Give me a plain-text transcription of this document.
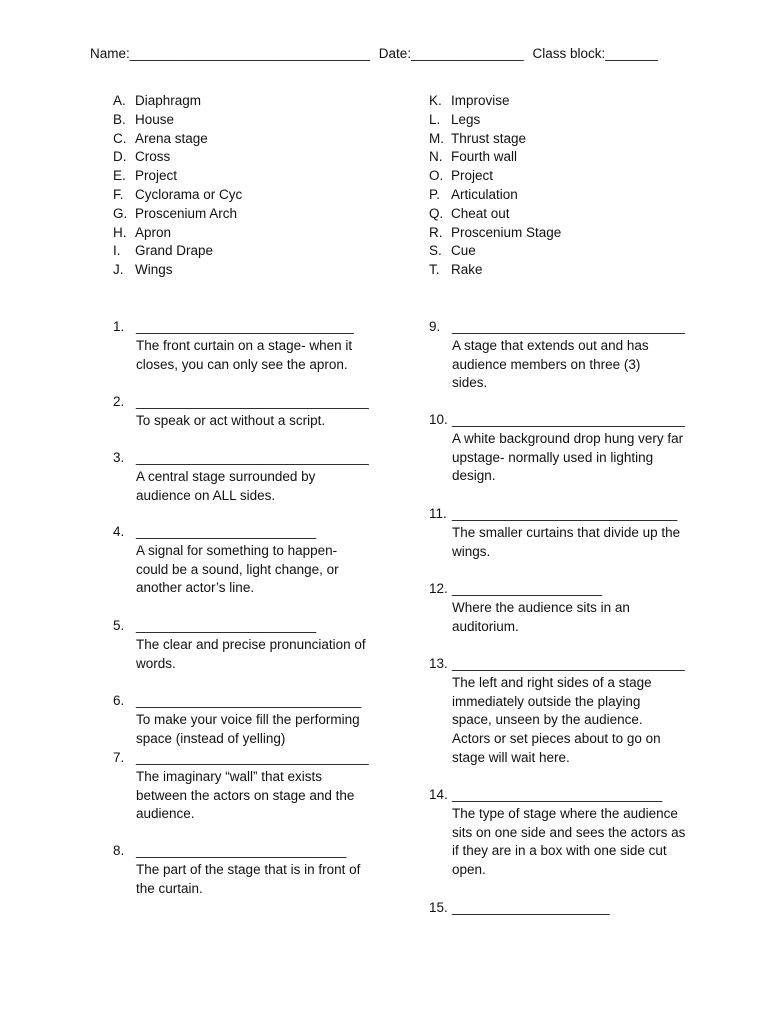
Name:________________________________ Date:_______________ Class block:_______
A. Diaphragm
B. House
C. Arena stage
D. Cross
E. Project
F. Cyclorama or Cyc
G. Proscenium Arch
H. Apron
I. Grand Drape
J. Wings
K. Improvise
L. Legs
M. Thrust stage
N. Fourth wall
O. Project
P. Articulation
Q. Cheat out
R. Proscenium Stage
S. Cue
T. Rake
1. _____________________________
The front curtain on a stage- when it closes, you can only see the apron.
2. _______________________________
To speak or act without a script.
3. _______________________________
A central stage surrounded by audience on ALL sides.
4. ________________________
A signal for something to happen- could be a sound, light change, or another actor’s line.
5. ________________________
The clear and precise pronunciation of words.
6. ______________________________
To make your voice fill the performing space (instead of yelling)
7. _______________________________
The imaginary “wall” that exists between the actors on stage and the audience.
8. ____________________________
The part of the stage that is in front of the curtain.
9. _______________________________
A stage that extends out and has audience members on three (3) sides.
10. _______________________________
A white background drop hung very far upstage- normally used in lighting design.
11. ______________________________
The smaller curtains that divide up the wings.
12. ____________________
Where the audience sits in an auditorium.
13. _______________________________
The left and right sides of a stage immediately outside the playing space, unseen by the audience. Actors or set pieces about to go on stage will wait here.
14. ____________________________
The type of stage where the audience sits on one side and sees the actors as if they are in a box with one side cut open.
15. _____________________
